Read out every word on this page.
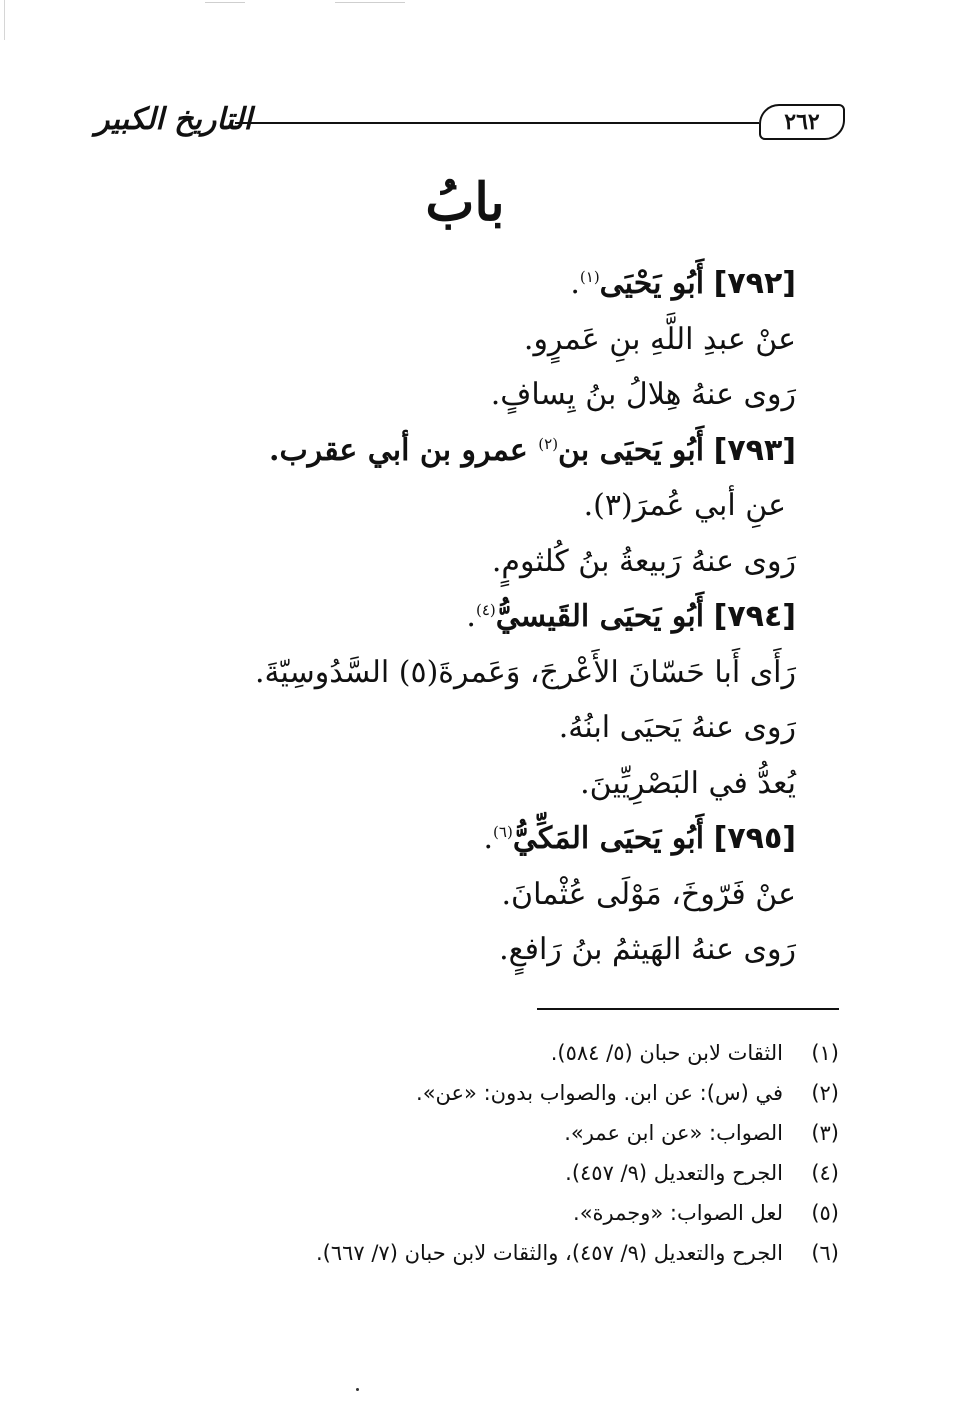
٢٦٢
التاريخ الكبير
بابُ
[٧٩٢] أَبُو يَحْيَى$^{(١)}$.
عنْ عبدِ اللَّهِ بنِ عَمرٍو.
رَوى عنهُ هِلالُ بنُ يِسافٍ.
[٧٩٣] أَبُو يَحيَى بن$^{(٢)}$ عمرو بن أبي عقرب.
عنِ أبي عُمرَ(٣).
رَوى عنهُ رَبيعةُ بنُ كُلثومٍ.
[٧٩٤] أَبُو يَحيَى القَيسيُّ$^{(٤)}$.
رَأَى أَبا حَسّانَ الأَعْرجَ، وَعَمرةَ(٥) السَّدُوسِيّةَ.
رَوى عنهُ يَحيَى ابنُهُ.
يُعدُّ في البَصْرِيِّينَ.
[٧٩٥] أَبُو يَحيَى المَكِّيُّ$^{(٦)}$.
عنْ فَرّوخَ، مَوْلَى عُثْمانَ.
رَوى عنهُ الهَيثمُ بنُ رَافعٍ.
(١)
الثقات لابن حبان (٥/ ٥٨٤).
(٢)
في (س): عن ابن. والصواب بدون: «عن».
(٣)
الصواب: «عن ابن عمر».
(٤)
الجرح والتعديل (٩/ ٤٥٧).
(٥)
لعل الصواب: «وجمرة».
(٦)
الجرح والتعديل (٩/ ٤٥٧)، والثقات لابن حبان (٧/ ٦٦٧).
